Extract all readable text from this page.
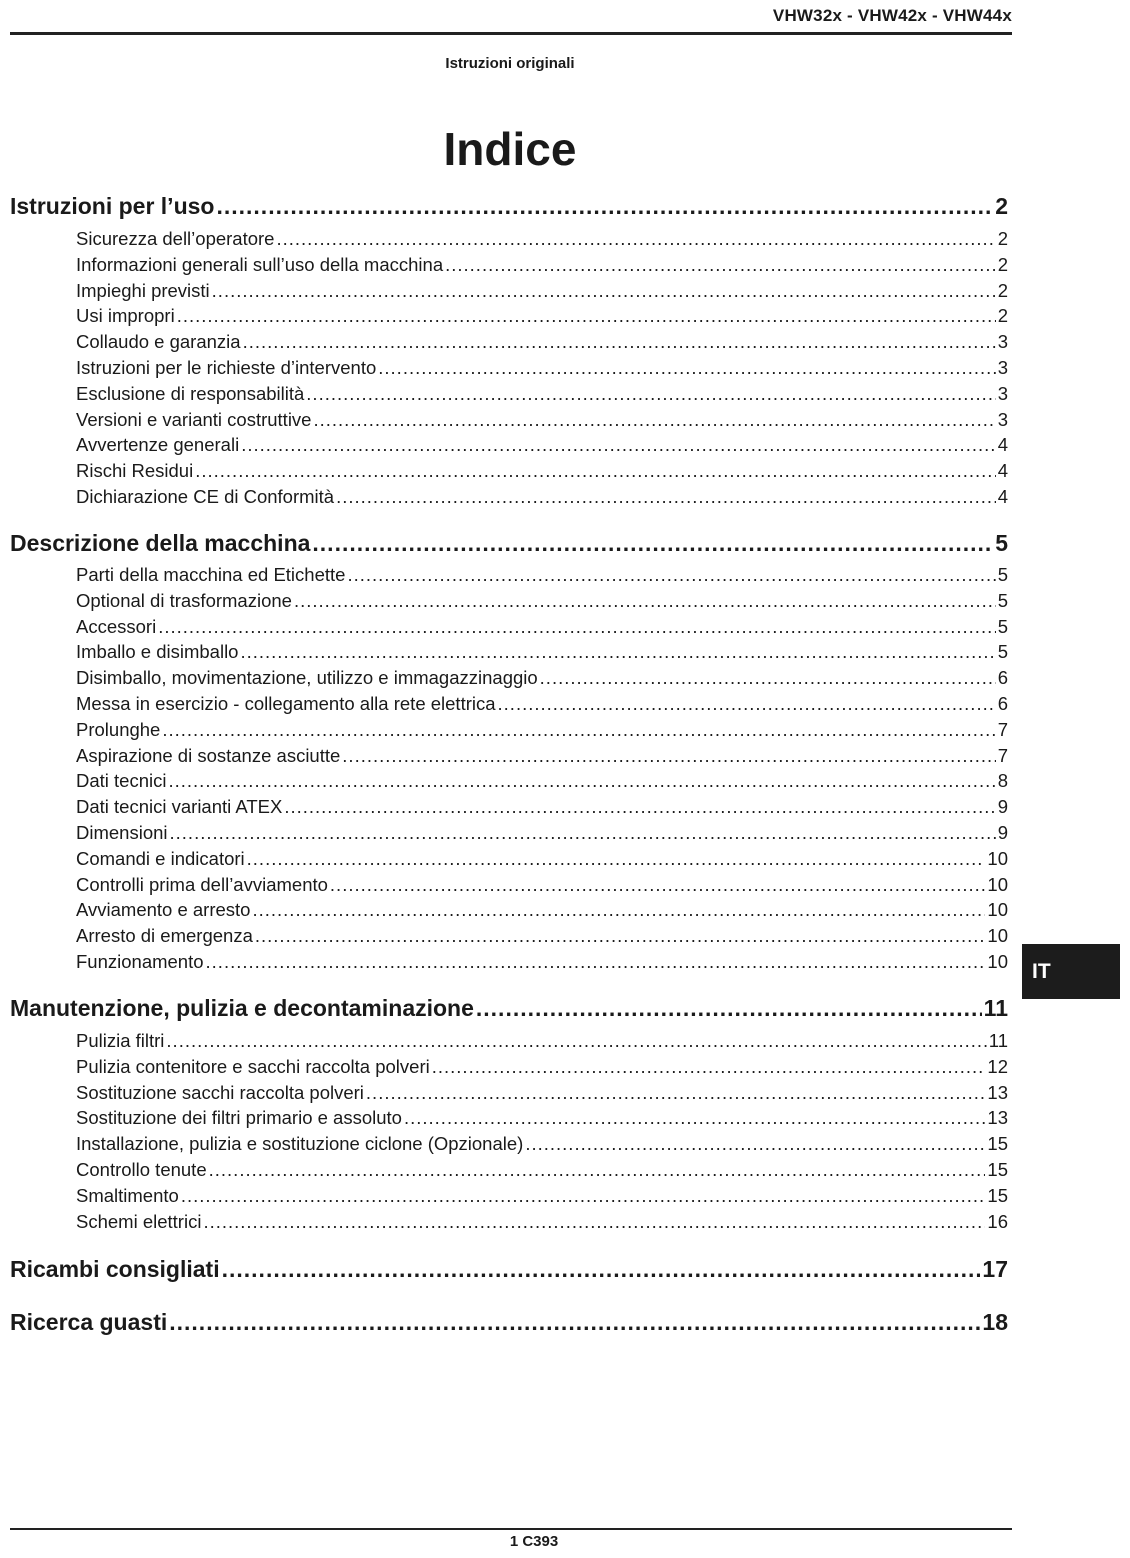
VHW32x - VHW42x - VHW44x
Istruzioni originali
Indice
Istruzioni per l’uso .....	2
Sicurezza dell’operatore .....	2
Informazioni generali sull’uso della macchina .....	2
Impieghi previsti .....	2
Usi impropri .....	2
Collaudo e garanzia .....	3
Istruzioni per le richieste d’intervento .....	3
Esclusione di responsabilità .....	3
Versioni e varianti costruttive .....	3
Avvertenze generali .....	4
Rischi Residui .....	4
Dichiarazione CE di Conformità .....	4
Descrizione della macchina .....	5
Parti della macchina ed Etichette .....	5
Optional di trasformazione .....	5
Accessori .....	5
Imballo e disimballo .....	5
Disimballo, movimentazione, utilizzo e immagazzinaggio .....	6
Messa in esercizio - collegamento alla rete elettrica .....	6
Prolunghe .....	7
Aspirazione di sostanze asciutte .....	7
Dati tecnici .....	8
Dati tecnici varianti ATEX .....	9
Dimensioni .....	9
Comandi e indicatori .....	10
Controlli prima dell’avviamento .....	10
Avviamento e arresto .....	10
Arresto di emergenza .....	10
Funzionamento .....	10
Manutenzione, pulizia e decontaminazione .....	11
Pulizia filtri .....	11
Pulizia contenitore e sacchi raccolta polveri .....	12
Sostituzione sacchi raccolta polveri .....	13
Sostituzione dei filtri primario e assoluto .....	13
Installazione, pulizia e sostituzione ciclone (Opzionale) .....	15
Controllo tenute .....	15
Smaltimento .....	15
Schemi elettrici .....	16
Ricambi consigliati .....	17
Ricerca guasti .....	18
IT
1 C393
